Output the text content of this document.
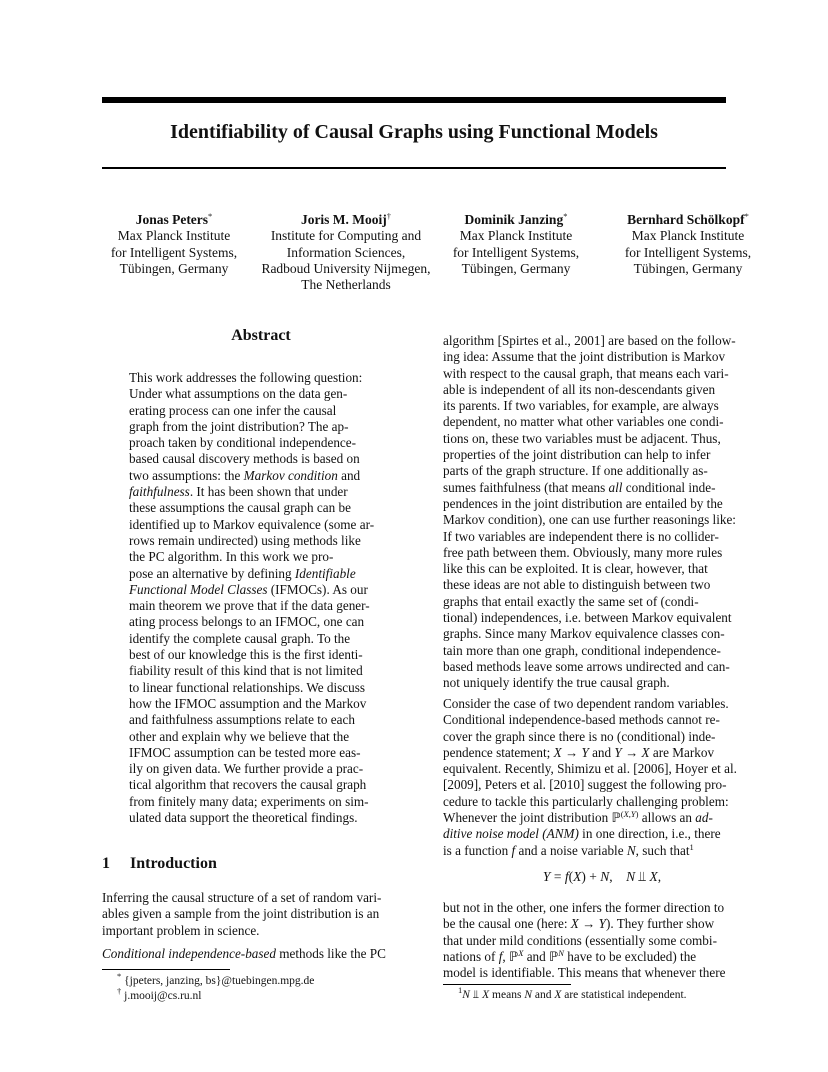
Identifiability of Causal Graphs using Functional Models
Jonas Peters*
Max Planck Institute
for Intelligent Systems,
Tübingen, Germany
Joris M. Mooij†
Institute for Computing and
Information Sciences,
Radboud University Nijmegen,
The Netherlands
Dominik Janzing*
Max Planck Institute
for Intelligent Systems,
Tübingen, Germany
Bernhard Schölkopf*
Max Planck Institute
for Intelligent Systems,
Tübingen, Germany
Abstract
This work addresses the following question:
Under what assumptions on the data gen-
erating process can one infer the causal
graph from the joint distribution? The ap-
proach taken by conditional independence-
based causal discovery methods is based on
two assumptions: the Markov condition and
faithfulness. It has been shown that under
these assumptions the causal graph can be
identified up to Markov equivalence (some ar-
rows remain undirected) using methods like
the PC algorithm. In this work we pro-
pose an alternative by defining Identifiable
Functional Model Classes (IFMOCs). As our
main theorem we prove that if the data gener-
ating process belongs to an IFMOC, one can
identify the complete causal graph. To the
best of our knowledge this is the first identi-
fiability result of this kind that is not limited
to linear functional relationships. We discuss
how the IFMOC assumption and the Markov
and faithfulness assumptions relate to each
other and explain why we believe that the
IFMOC assumption can be tested more eas-
ily on given data. We further provide a prac-
tical algorithm that recovers the causal graph
from finitely many data; experiments on sim-
ulated data support the theoretical findings.
1 Introduction
Inferring the causal structure of a set of random vari-
ables given a sample from the joint distribution is an
important problem in science.
Conditional independence-based methods like the PC
* {jpeters, janzing, bs}@tuebingen.mpg.de
† j.mooij@cs.ru.nl
algorithm [Spirtes et al., 2001] are based on the follow-
ing idea: Assume that the joint distribution is Markov
with respect to the causal graph, that means each vari-
able is independent of all its non-descendants given
its parents. If two variables, for example, are always
dependent, no matter what other variables one condi-
tions on, these two variables must be adjacent. Thus,
properties of the joint distribution can help to infer
parts of the graph structure. If one additionally as-
sumes faithfulness (that means all conditional inde-
pendences in the joint distribution are entailed by the
Markov condition), one can use further reasonings like:
If two variables are independent there is no collider-
free path between them. Obviously, many more rules
like this can be exploited. It is clear, however, that
these ideas are not able to distinguish between two
graphs that entail exactly the same set of (condi-
tional) independences, i.e. between Markov equivalent
graphs. Since many Markov equivalence classes con-
tain more than one graph, conditional independence-
based methods leave some arrows undirected and can-
not uniquely identify the true causal graph.
Consider the case of two dependent random variables.
Conditional independence-based methods cannot re-
cover the graph since there is no (conditional) inde-
pendence statement; X → Y and Y → X are Markov
equivalent. Recently, Shimizu et al. [2006], Hoyer et al.
[2009], Peters et al. [2010] suggest the following pro-
cedure to tackle this particularly challenging problem:
Whenever the joint distribution ℙ$^{(X,Y)}$ allows an ad-
ditive noise model (ANM) in one direction, i.e., there
is a function f and a noise variable N, such that$^1$
Y = f(X) + N,    N ⫫ X,
but not in the other, one infers the former direction to
be the causal one (here: X → Y). They further show
that under mild conditions (essentially some combi-
nations of f, ℙ$^X$ and ℙ$^N$ have to be excluded) the
model is identifiable. This means that whenever there
$^1$N ⫫ X means N and X are statistical independent.
